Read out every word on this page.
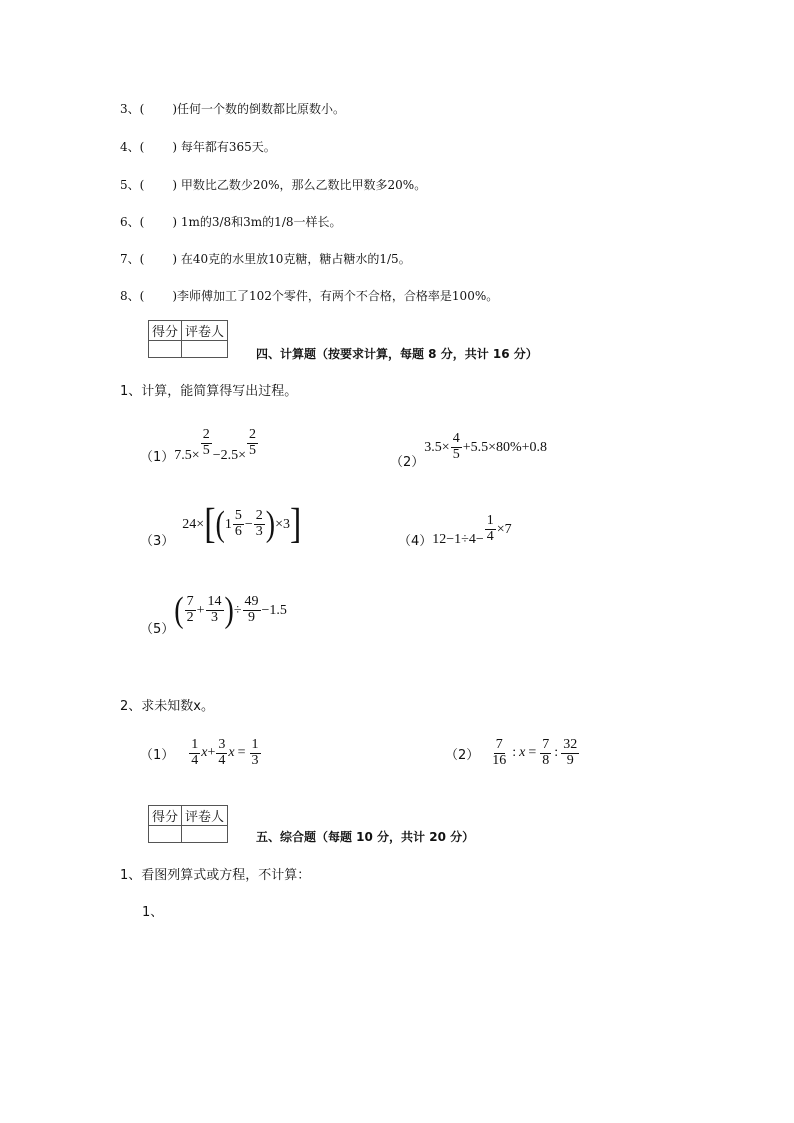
3、( )任何一个数的倒数都比原数小。
4、( ) 每年都有365天。
5、( ) 甲数比乙数少20%，那么乙数比甲数多20%。
6、( ) 1m的3/8和3m的1/8一样长。
7、( ) 在40克的水里放10克糖，糖占糖水的1/5。
8、( )李师傅加工了102个零件，有两个不合格，合格率是100%。
得分	评卷人

四、计算题（按要求计算，每题 8 分，共计 16 分）
1、计算，能简算得写出过程。
（1） $7.5\times \frac{2}{5} -2.5\times \frac{2}{5}$
（2）
$3.5\times \frac{4}{5} +5.5\times 80\%+0.8$
（3）
24× [ ( $1 \frac{5}{6} - \frac{2}{3}$ ) ×3 ]	（4） $12-1\div 4- \frac{1}{4} \times 7$
（5） ( $\frac{7}{2} + \frac{14}{3}$ ) ÷ $\frac{49}{9} -1.5$
2、求未知数x。
$(1) \frac{1}{4}$ $x + \frac{3}{4}$ $x = \frac{1}{3}$	$(2) \frac{7}{16}$ : $x = \frac{7}{8}$ : $\frac{32}{9}$
得分	评卷人

五、综合题（每题 10 分，共计 20 分）
1、看图列算式或方程，不计算：
1、
